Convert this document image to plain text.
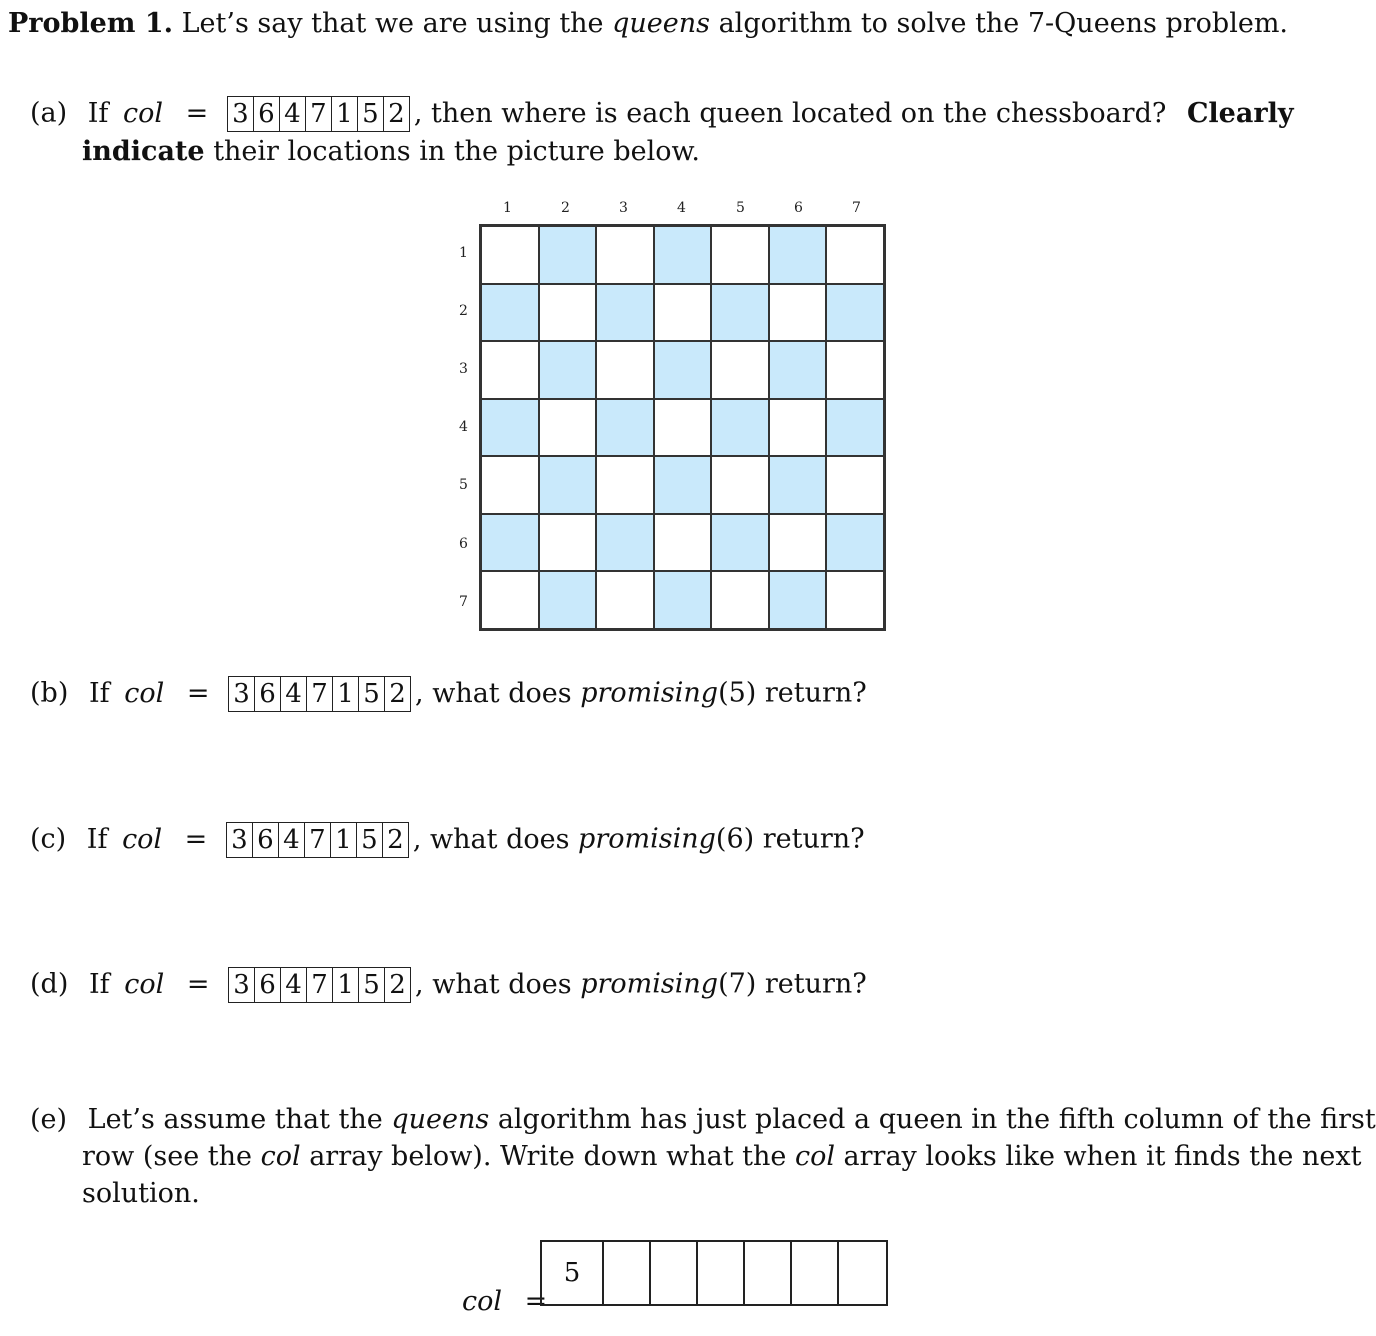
Problem 1. Let’s say that we are using the queens algorithm to solve the 7-Queens problem.
(a) If col = 3 6 4 7 1 5 2 , then where is each queen located on the chessboard? Clearly
indicate their locations in the picture below.
1	2	3	4	5	6	7
1
2
3
4
5
6
7
(b) If col = 3 6 4 7 1 5 2 , what does promising(5) return?
(c) If col = 3 6 4 7 1 5 2 , what does promising(6) return?
(d) If col = 3 6 4 7 1 5 2 , what does promising(7) return?
(e) Let’s assume that the queens algorithm has just placed a queen in the fifth column of the first
row (see the col array below). Write down what the col array looks like when it finds the next
solution.
col =
5
